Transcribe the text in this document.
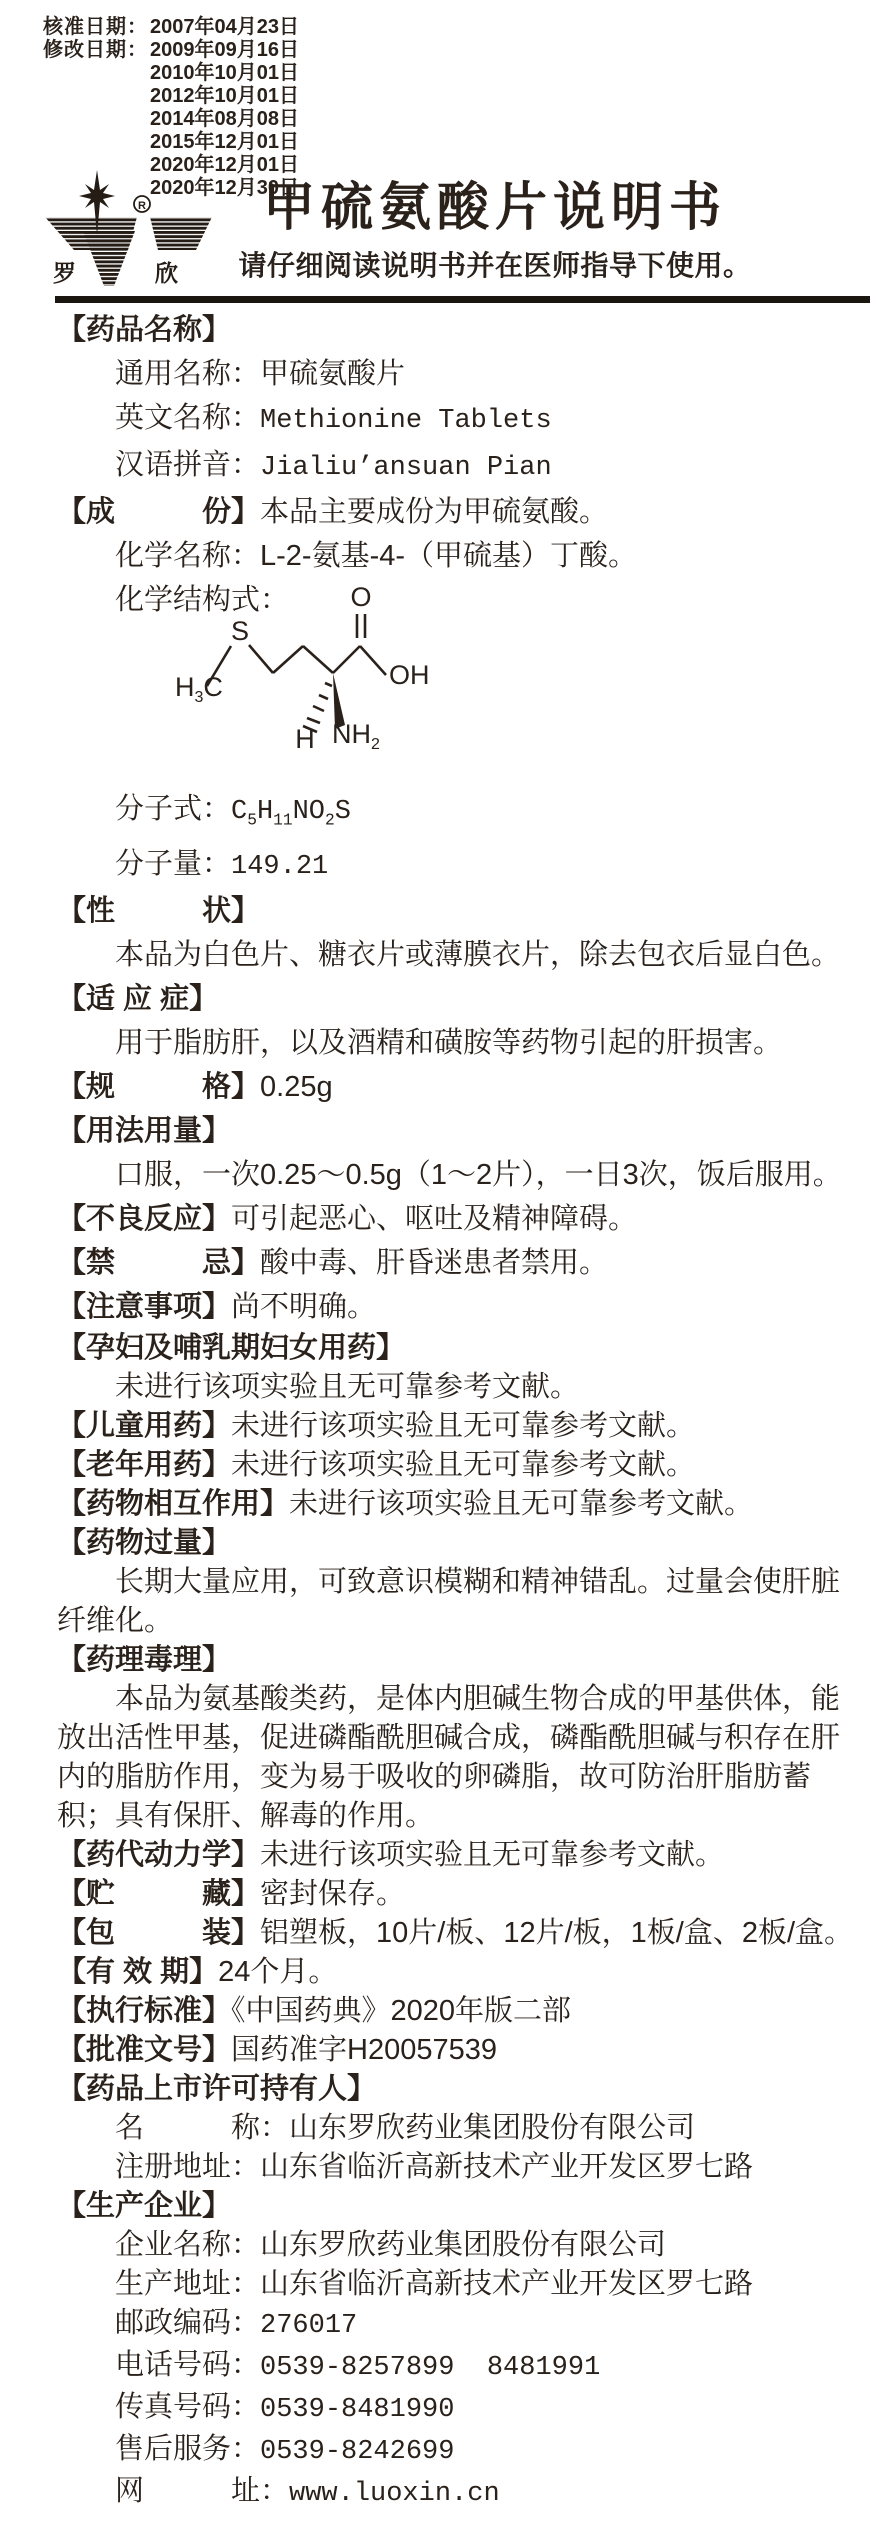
核准日期： 2007年04月23日
修改日期： 2009年09月16日
2010年10月01日
2012年10月01日
2014年08月08日
2015年12月01日
2020年12月01日
2020年12月30日
R
罗	欣
甲硫氨酸片说明书
请仔细阅读说明书并在医师指导下使用。
【药品名称】
通用名称：甲硫氨酸片
英文名称：Methionine Tablets
汉语拼音：Jialiu’ansuan Pian
【成　　　份】本品主要成份为甲硫氨酸。
化学名称：L-2-氨基-4-（甲硫基）丁酸。
化学结构式：
$H_3C$
S
O
OH
H $NH_2$
分子式：$C_5H_{11}NO_2S$
分子量：149.21
【性　　　状】
本品为白色片、糖衣片或薄膜衣片，除去包衣后显白色。
【适 应 症】
用于脂肪肝，以及酒精和磺胺等药物引起的肝损害。
【规　　　格】0.25g
【用法用量】
口服，一次0.25～0.5g（1～2片），一日3次，饭后服用。
【不良反应】可引起恶心、呕吐及精神障碍。
【禁　　　忌】酸中毒、肝昏迷患者禁用。
【注意事项】尚不明确。
【孕妇及哺乳期妇女用药】
未进行该项实验且无可靠参考文献。
【儿童用药】未进行该项实验且无可靠参考文献。
【老年用药】未进行该项实验且无可靠参考文献。
【药物相互作用】未进行该项实验且无可靠参考文献。
【药物过量】
长期大量应用，可致意识模糊和精神错乱。过量会使肝脏纤维化。
【药理毒理】
本品为氨基酸类药，是体内胆碱生物合成的甲基供体，能放出活性甲基，促进磷酯酰胆碱合成，磷酯酰胆碱与积存在肝内的脂肪作用，变为易于吸收的卵磷脂，故可防治肝脂肪蓄积；具有保肝、解毒的作用。
【药代动力学】未进行该项实验且无可靠参考文献。
【贮　　　藏】密封保存。
【包　　　装】铝塑板，10片/板、12片/板，1板/盒、2板/盒。
【有 效 期】24个月。
【执行标准】《中国药典》2020年版二部
【批准文号】国药准字H20057539
【药品上市许可持有人】
名　　　称：山东罗欣药业集团股份有限公司
注册地址：山东省临沂高新技术产业开发区罗七路
【生产企业】
企业名称：山东罗欣药业集团股份有限公司
生产地址：山东省临沂高新技术产业开发区罗七路
邮政编码：276017
电话号码：0539-8257899  8481991
传真号码：0539-8481990
售后服务：0539-8242699
网　　　址：www.luoxin.cn
